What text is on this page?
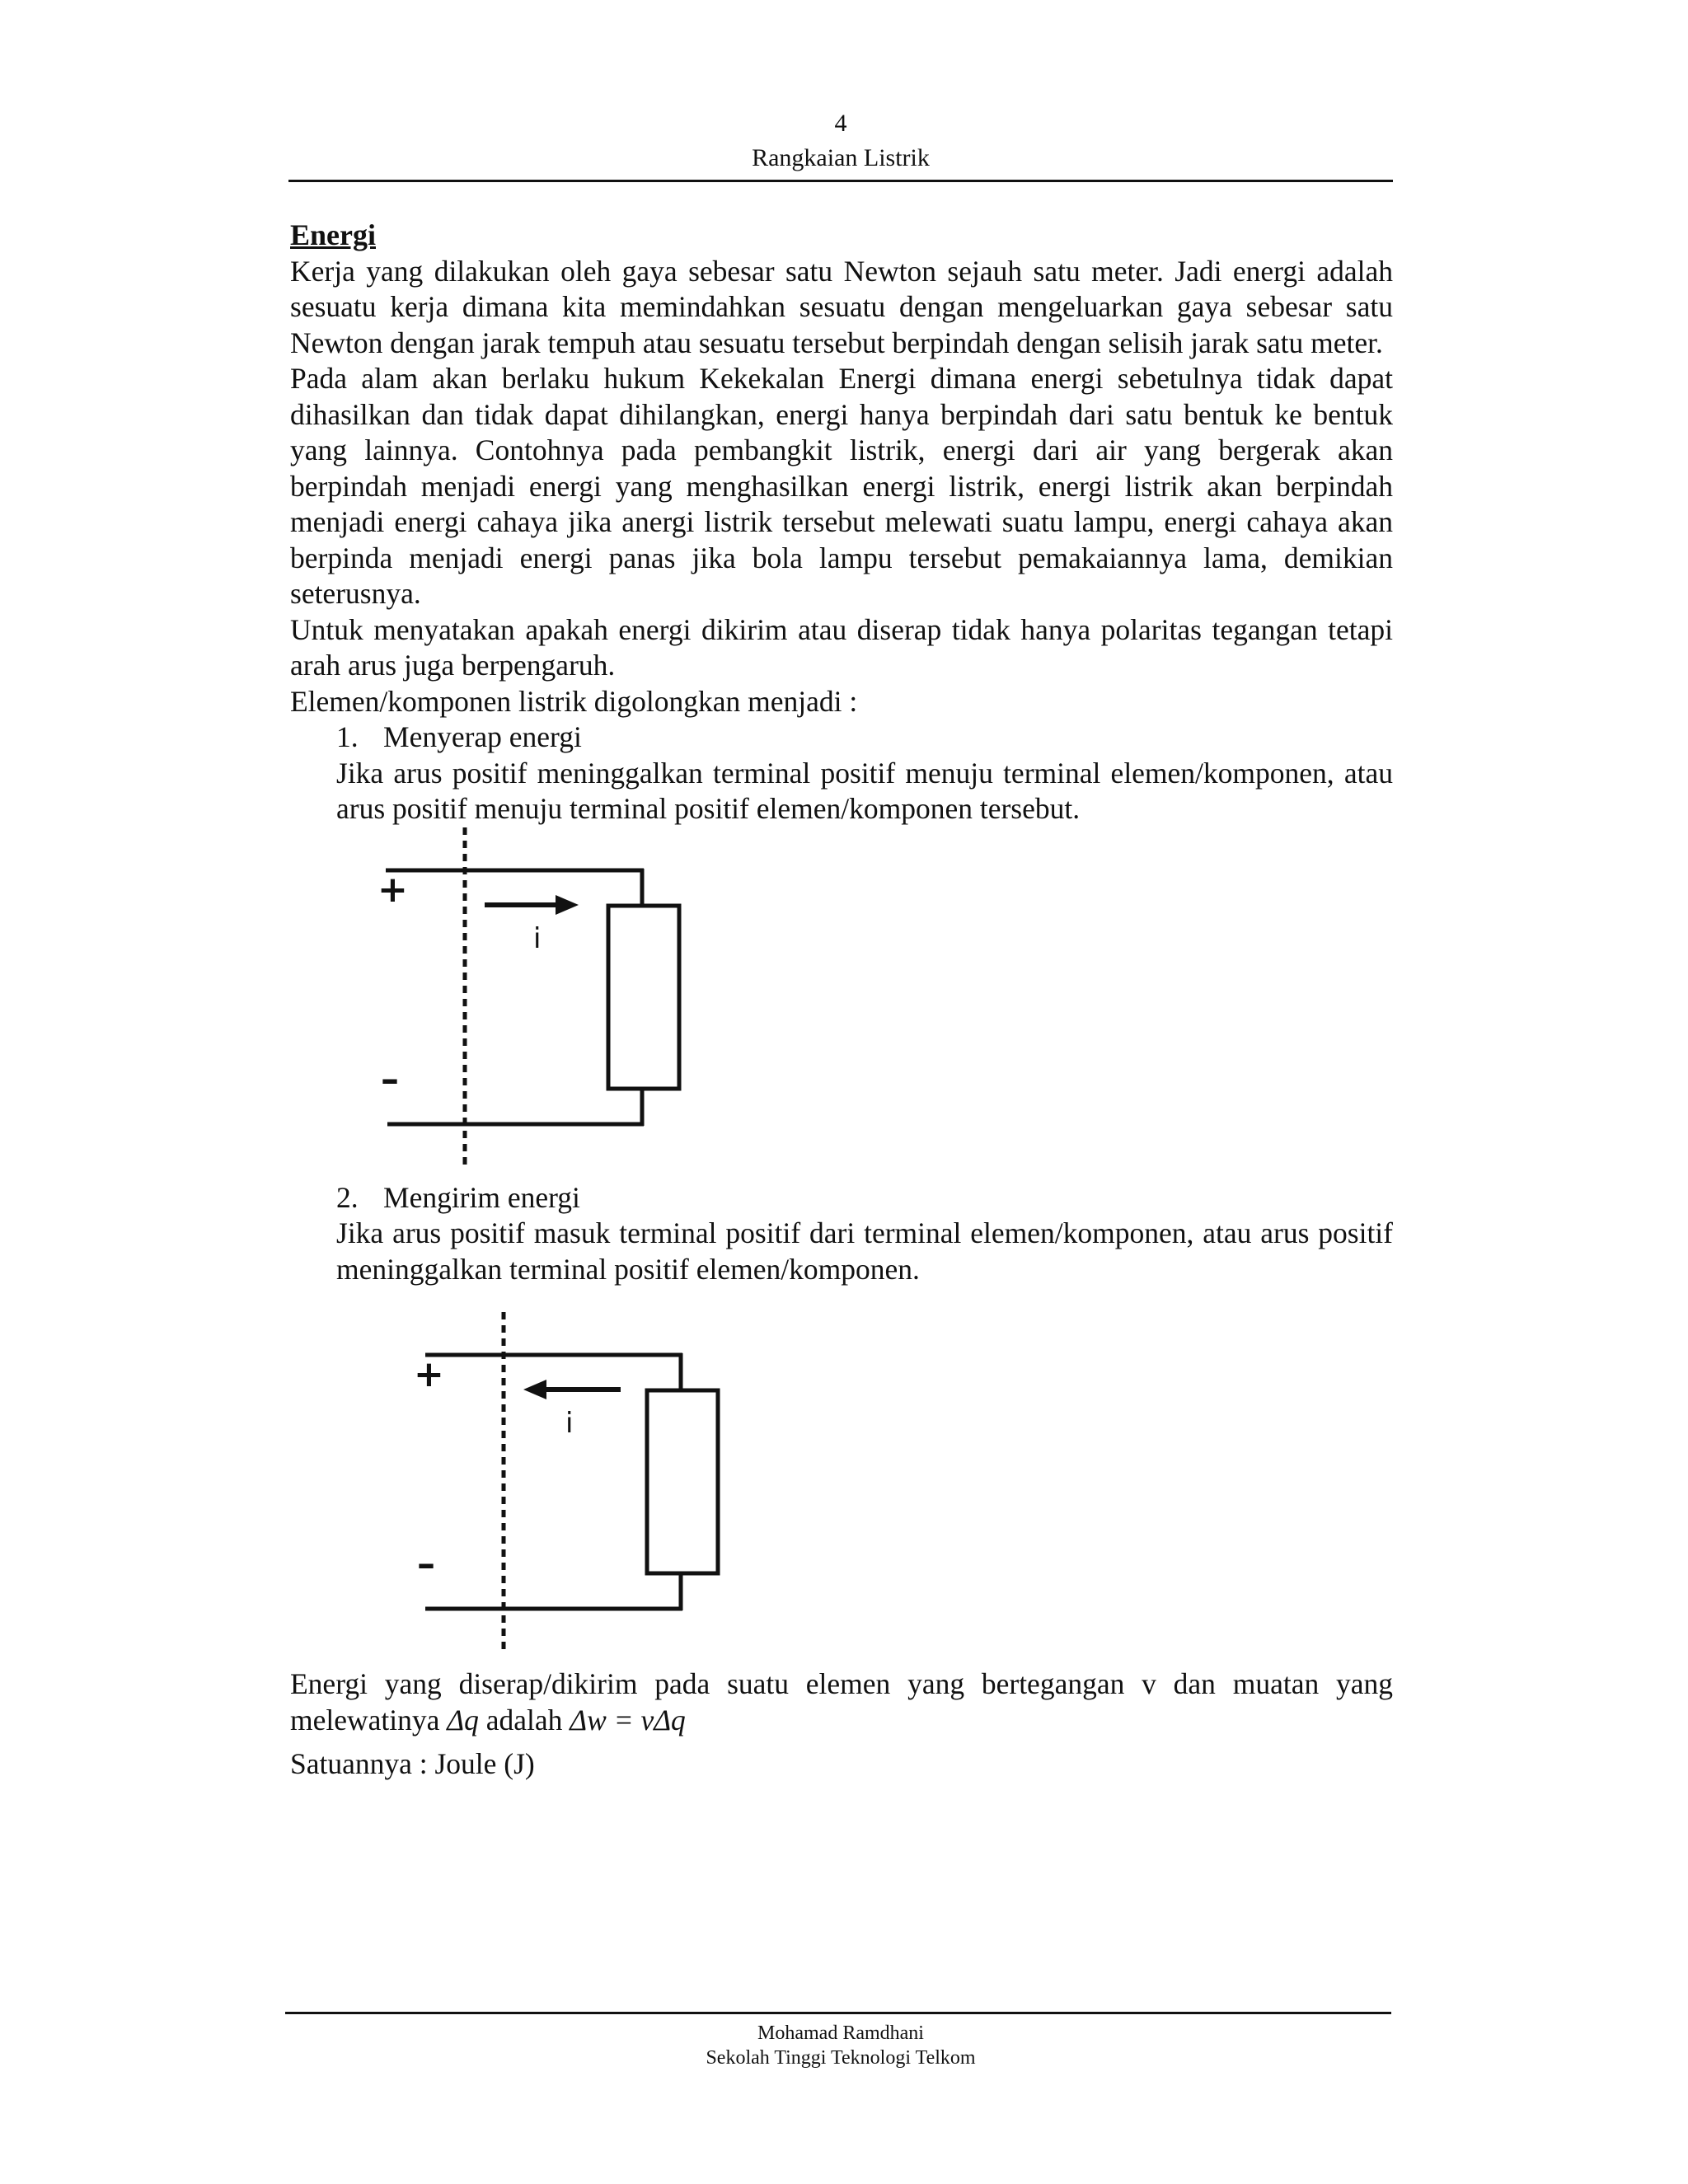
4
Rangkaian Listrik

Energi

Kerja yang dilakukan oleh gaya sebesar satu Newton sejauh satu meter. Jadi energi adalah sesuatu kerja dimana kita memindahkan sesuatu dengan mengeluarkan gaya sebesar satu Newton dengan jarak tempuh atau sesuatu tersebut berpindah dengan selisih jarak satu meter.

Pada alam akan berlaku hukum Kekekalan Energi dimana energi sebetulnya tidak dapat dihasilkan dan tidak dapat dihilangkan, energi hanya berpindah dari satu bentuk ke bentuk yang lainnya. Contohnya pada pembangkit listrik, energi dari air yang bergerak akan berpindah menjadi energi yang menghasilkan energi listrik, energi listrik akan berpindah menjadi energi cahaya jika anergi listrik tersebut melewati suatu lampu, energi cahaya akan berpinda menjadi energi panas jika bola lampu tersebut pemakaiannya lama, demikian seterusnya.

Untuk menyatakan apakah energi dikirim atau diserap tidak hanya polaritas tegangan tetapi arah arus juga berpengaruh.

Elemen/komponen listrik digolongkan menjadi :

1. Menyerap energi

Jika arus positif meninggalkan terminal positif menuju terminal elemen/komponen, atau arus positif menuju terminal positif elemen/komponen tersebut.

i
+
–
2. Mengirim energi

Jika arus positif masuk terminal positif dari terminal elemen/komponen, atau arus positif meninggalkan terminal positif elemen/komponen.

i
+
–

Energi yang diserap/dikirim pada suatu elemen yang bertegangan v dan muatan yang melewatinya Δq adalah Δw = vΔq

Satuannya : Joule (J)

Mohamad Ramdhani
Sekolah Tinggi Teknologi Telkom
